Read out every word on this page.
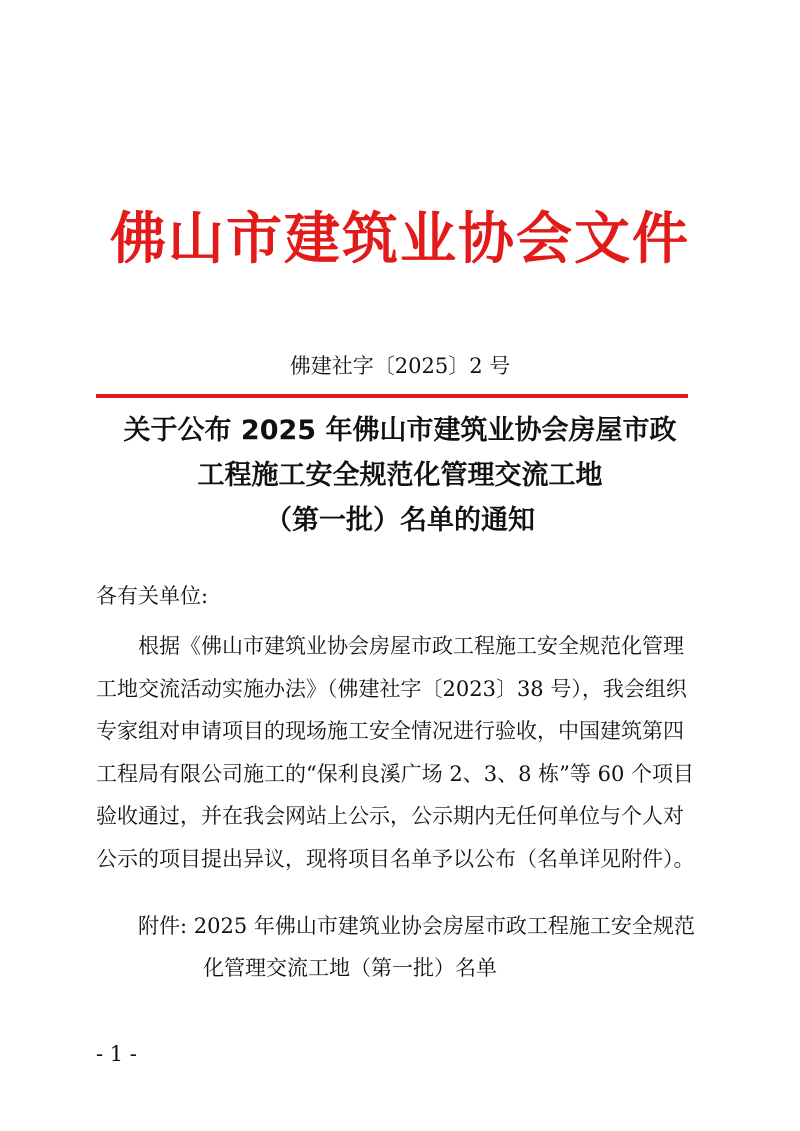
佛山市建筑业协会文件
佛建社字〔2025〕2 号
关于公布 2025 年佛山市建筑业协会房屋市政
工程施工安全规范化管理交流工地
（第一批）名单的通知
各有关单位:
　　根据《佛山市建筑业协会房屋市政工程施工安全规范化管理
工地交流活动实施办法》（佛建社字〔2023〕38 号），我会组织
专家组对申请项目的现场施工安全情况进行验收，中国建筑第四
工程局有限公司施工的“保利良溪广场 2、3、8 栋”等 60 个项目
验收通过，并在我会网站上公示，公示期内无任何单位与个人对
公示的项目提出异议，现将项目名单予以公布（名单详见附件）。
附件: 2025 年佛山市建筑业协会房屋市政工程施工安全规范
化管理交流工地（第一批）名单
- 1 -
